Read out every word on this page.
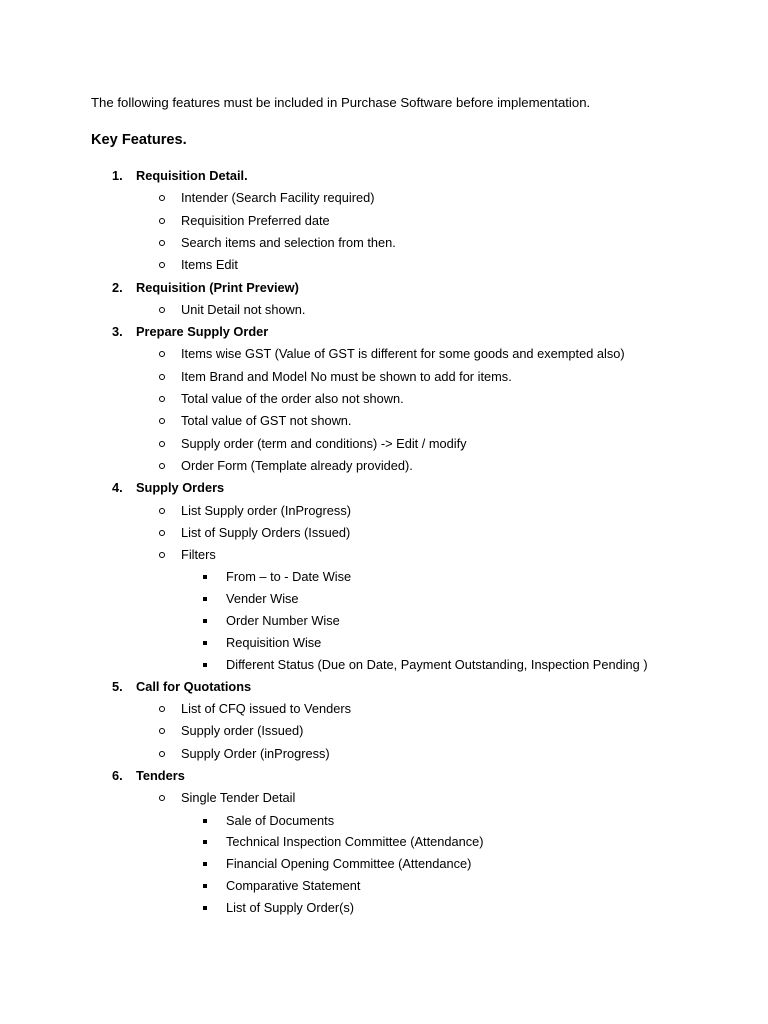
The following features must be included in Purchase Software before implementation.
Key Features.
1. Requisition Detail.
Intender (Search Facility required)
Requisition Preferred date
Search items and selection from then.
Items Edit
2. Requisition (Print Preview)
Unit Detail not shown.
3. Prepare Supply Order
Items wise GST (Value of GST is different for some goods and exempted also)
Item Brand and Model No must be shown to add for items.
Total value of the order also not shown.
Total value of GST not shown.
Supply order (term and conditions) -> Edit / modify
Order Form (Template already provided).
4. Supply Orders
List Supply order (InProgress)
List of Supply Orders (Issued)
Filters
From – to - Date Wise
Vender Wise
Order Number Wise
Requisition Wise
Different Status (Due on Date, Payment Outstanding, Inspection Pending )
5. Call for Quotations
List of CFQ issued to Venders
Supply order (Issued)
Supply Order (inProgress)
6. Tenders
Single Tender Detail
Sale of Documents
Technical Inspection Committee (Attendance)
Financial Opening Committee (Attendance)
Comparative Statement
List of Supply Order(s)
